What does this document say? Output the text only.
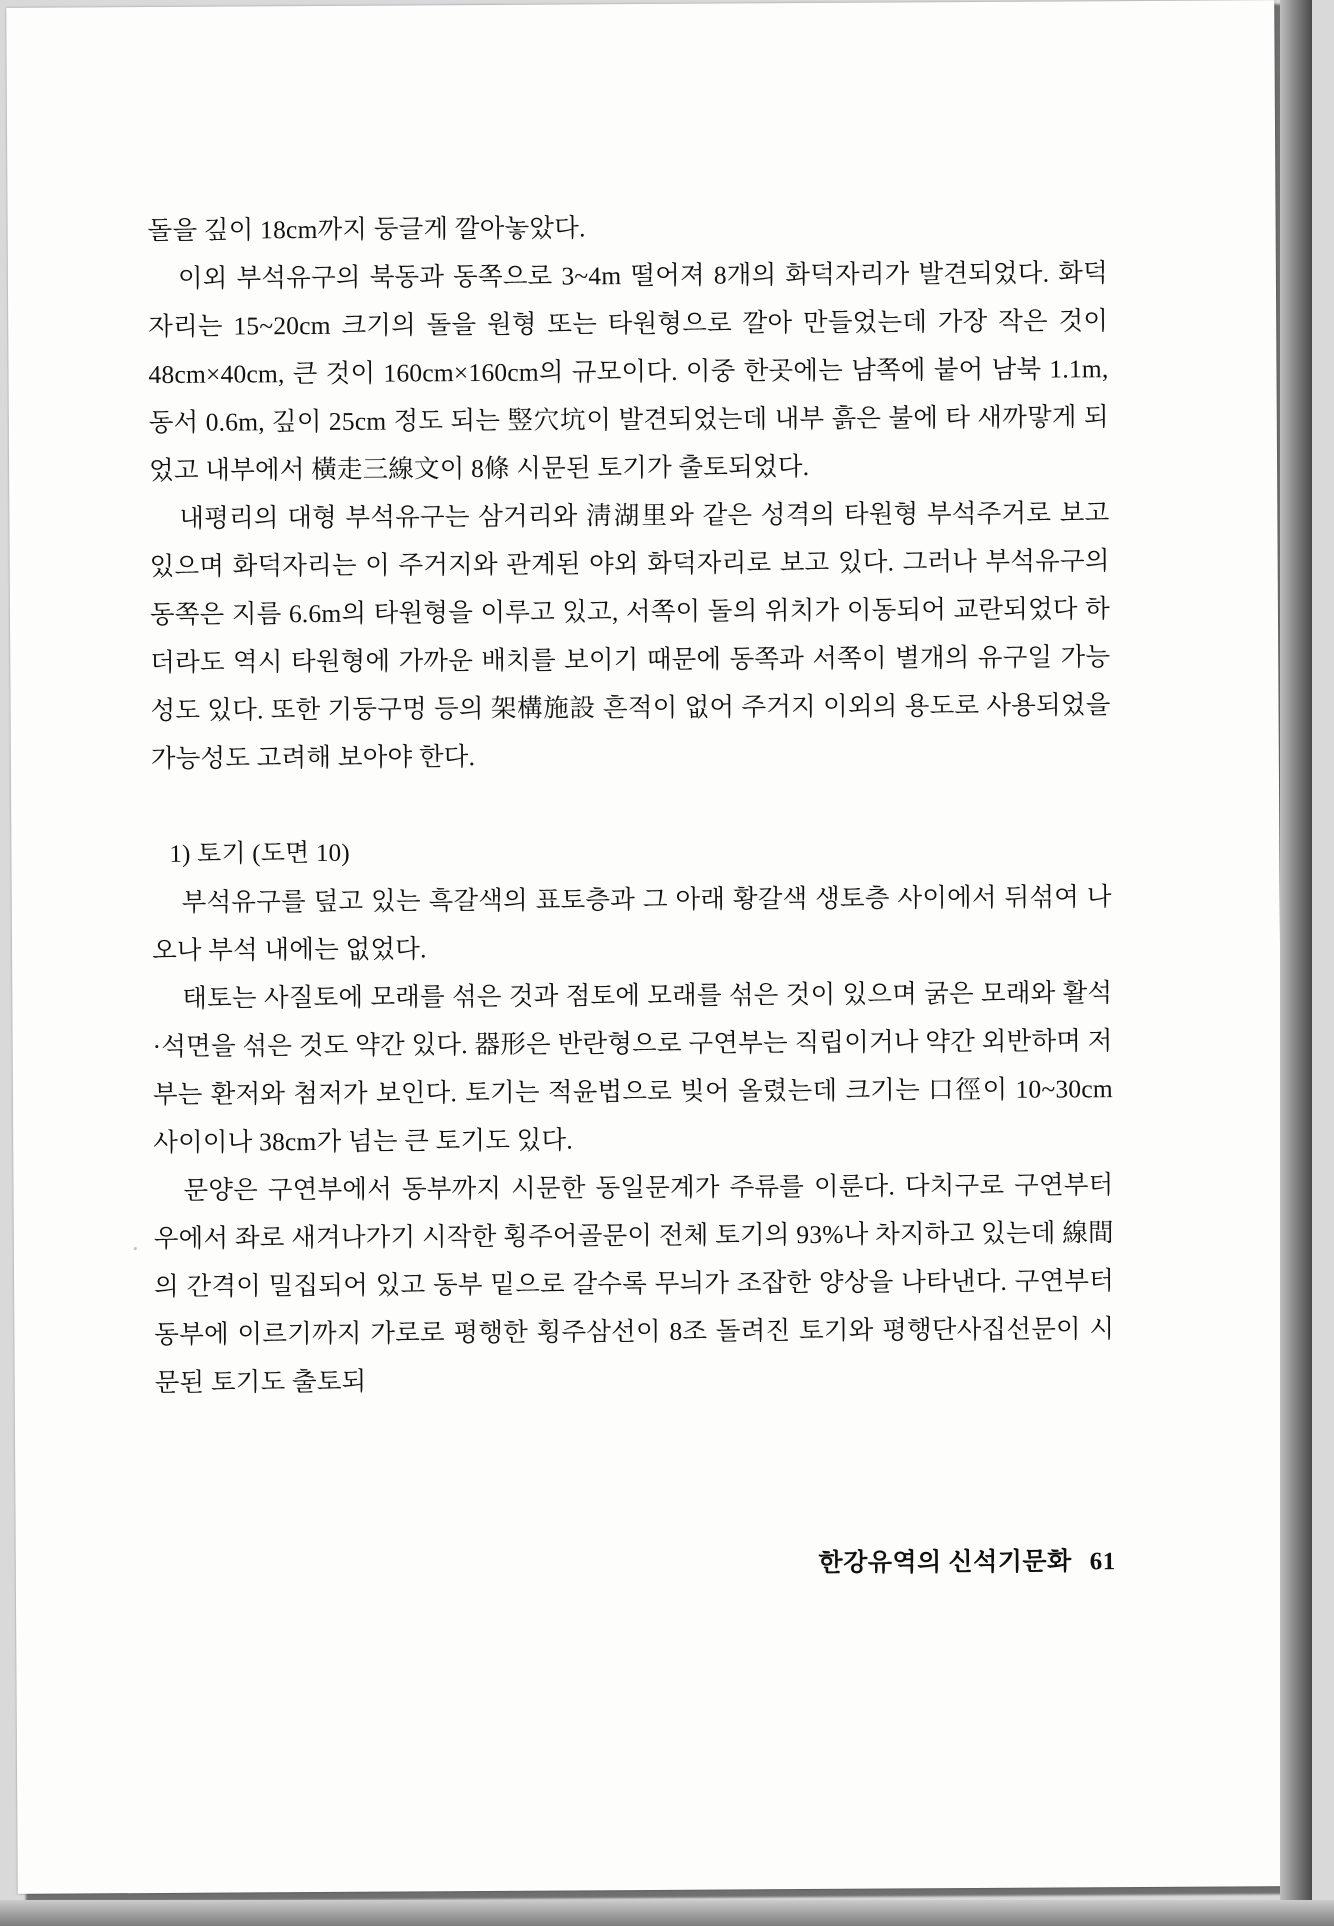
돌을 깊이 18cm까지 둥글게 깔아놓았다.

이외 부석유구의 북동과 동쪽으로 3~4m 떨어져 8개의 화덕자리가 발견되었다. 화덕자리는 15~20cm 크기의 돌을 원형 또는 타원형으로 깔아 만들었는데 가장 작은 것이 48cm×40cm, 큰 것이 160cm×160cm의 규모이다. 이중 한곳에는 남쪽에 붙어 남북 1.1m, 동서 0.6m, 깊이 25cm 정도 되는 竪穴坑이 발견되었는데 내부 흙은 불에 타 새까맣게 되었고 내부에서 橫走三線文이 8條 시문된 토기가 출토되었다.

내평리의 대형 부석유구는 삼거리와 淸湖里와 같은 성격의 타원형 부석주거로 보고 있으며 화덕자리는 이 주거지와 관계된 야외 화덕자리로 보고 있다. 그러나 부석유구의 동쪽은 지름 6.6m의 타원형을 이루고 있고, 서쪽이 돌의 위치가 이동되어 교란되었다 하더라도 역시 타원형에 가까운 배치를 보이기 때문에 동쪽과 서쪽이 별개의 유구일 가능성도 있다. 또한 기둥구멍 등의 架構施設 흔적이 없어 주거지 이외의 용도로 사용되었을 가능성도 고려해 보아야 한다.

1) 토기 (도면 10)

부석유구를 덮고 있는 흑갈색의 표토층과 그 아래 황갈색 생토층 사이에서 뒤섞여 나오나 부석 내에는 없었다.

태토는 사질토에 모래를 섞은 것과 점토에 모래를 섞은 것이 있으며 굵은 모래와 활석·석면을 섞은 것도 약간 있다. 器形은 반란형으로 구연부는 직립이거나 약간 외반하며 저부는 환저와 첨저가 보인다. 토기는 적윤법으로 빚어 올렸는데 크기는 口徑이 10~30cm 사이이나 38cm가 넘는 큰 토기도 있다.

문양은 구연부에서 동부까지 시문한 동일문계가 주류를 이룬다. 다치구로 구연부터 우에서 좌로 새겨나가기 시작한 횡주어골문이 전체 토기의 93%나 차지하고 있는데 線間의 간격이 밀집되어 있고 동부 밑으로 갈수록 무늬가 조잡한 양상을 나타낸다. 구연부터 동부에 이르기까지 가로로 평행한 횡주삼선이 8조 돌려진 토기와 평행단사집선문이 시문된 토기도 출토되

한강유역의 신석기문화 61
